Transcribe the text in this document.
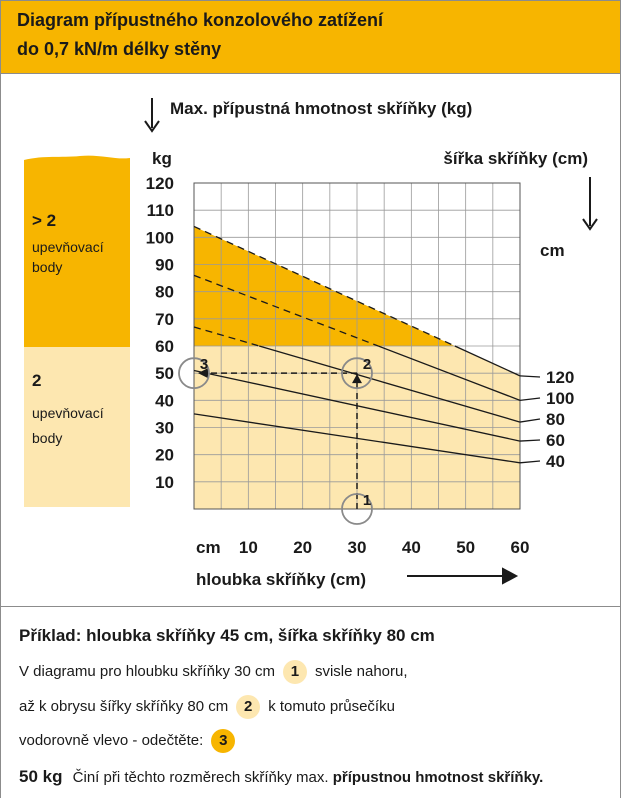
Diagram přípustného konzolového zatížení
do 0,7 kN/m délky stěny
> 2
upevňovací
body
2
upevňovací
body
1
2
3
Max. přípustná hmotnost skříňky (kg)
kg	šířka skříňky (cm)
cm
cm
hloubka skříňky (cm)
10 20 30 40 50 60
10
20
30
40
50
60
70
80
90
100
110
120
120
100
80
60
40
Příklad: hloubka skříňky 45 cm, šířka skříňky 80 cm
V diagramu pro hloubku skříňky 30 cm 1 svisle nahoru,
až k obrysu šířky skříňky 80 cm 2 k tomuto průsečíku
vodorovně vlevo - odečtěte: 3
50 kg Činí při těchto rozměrech skříňky max. přípustnou hmotnost skříňky.
